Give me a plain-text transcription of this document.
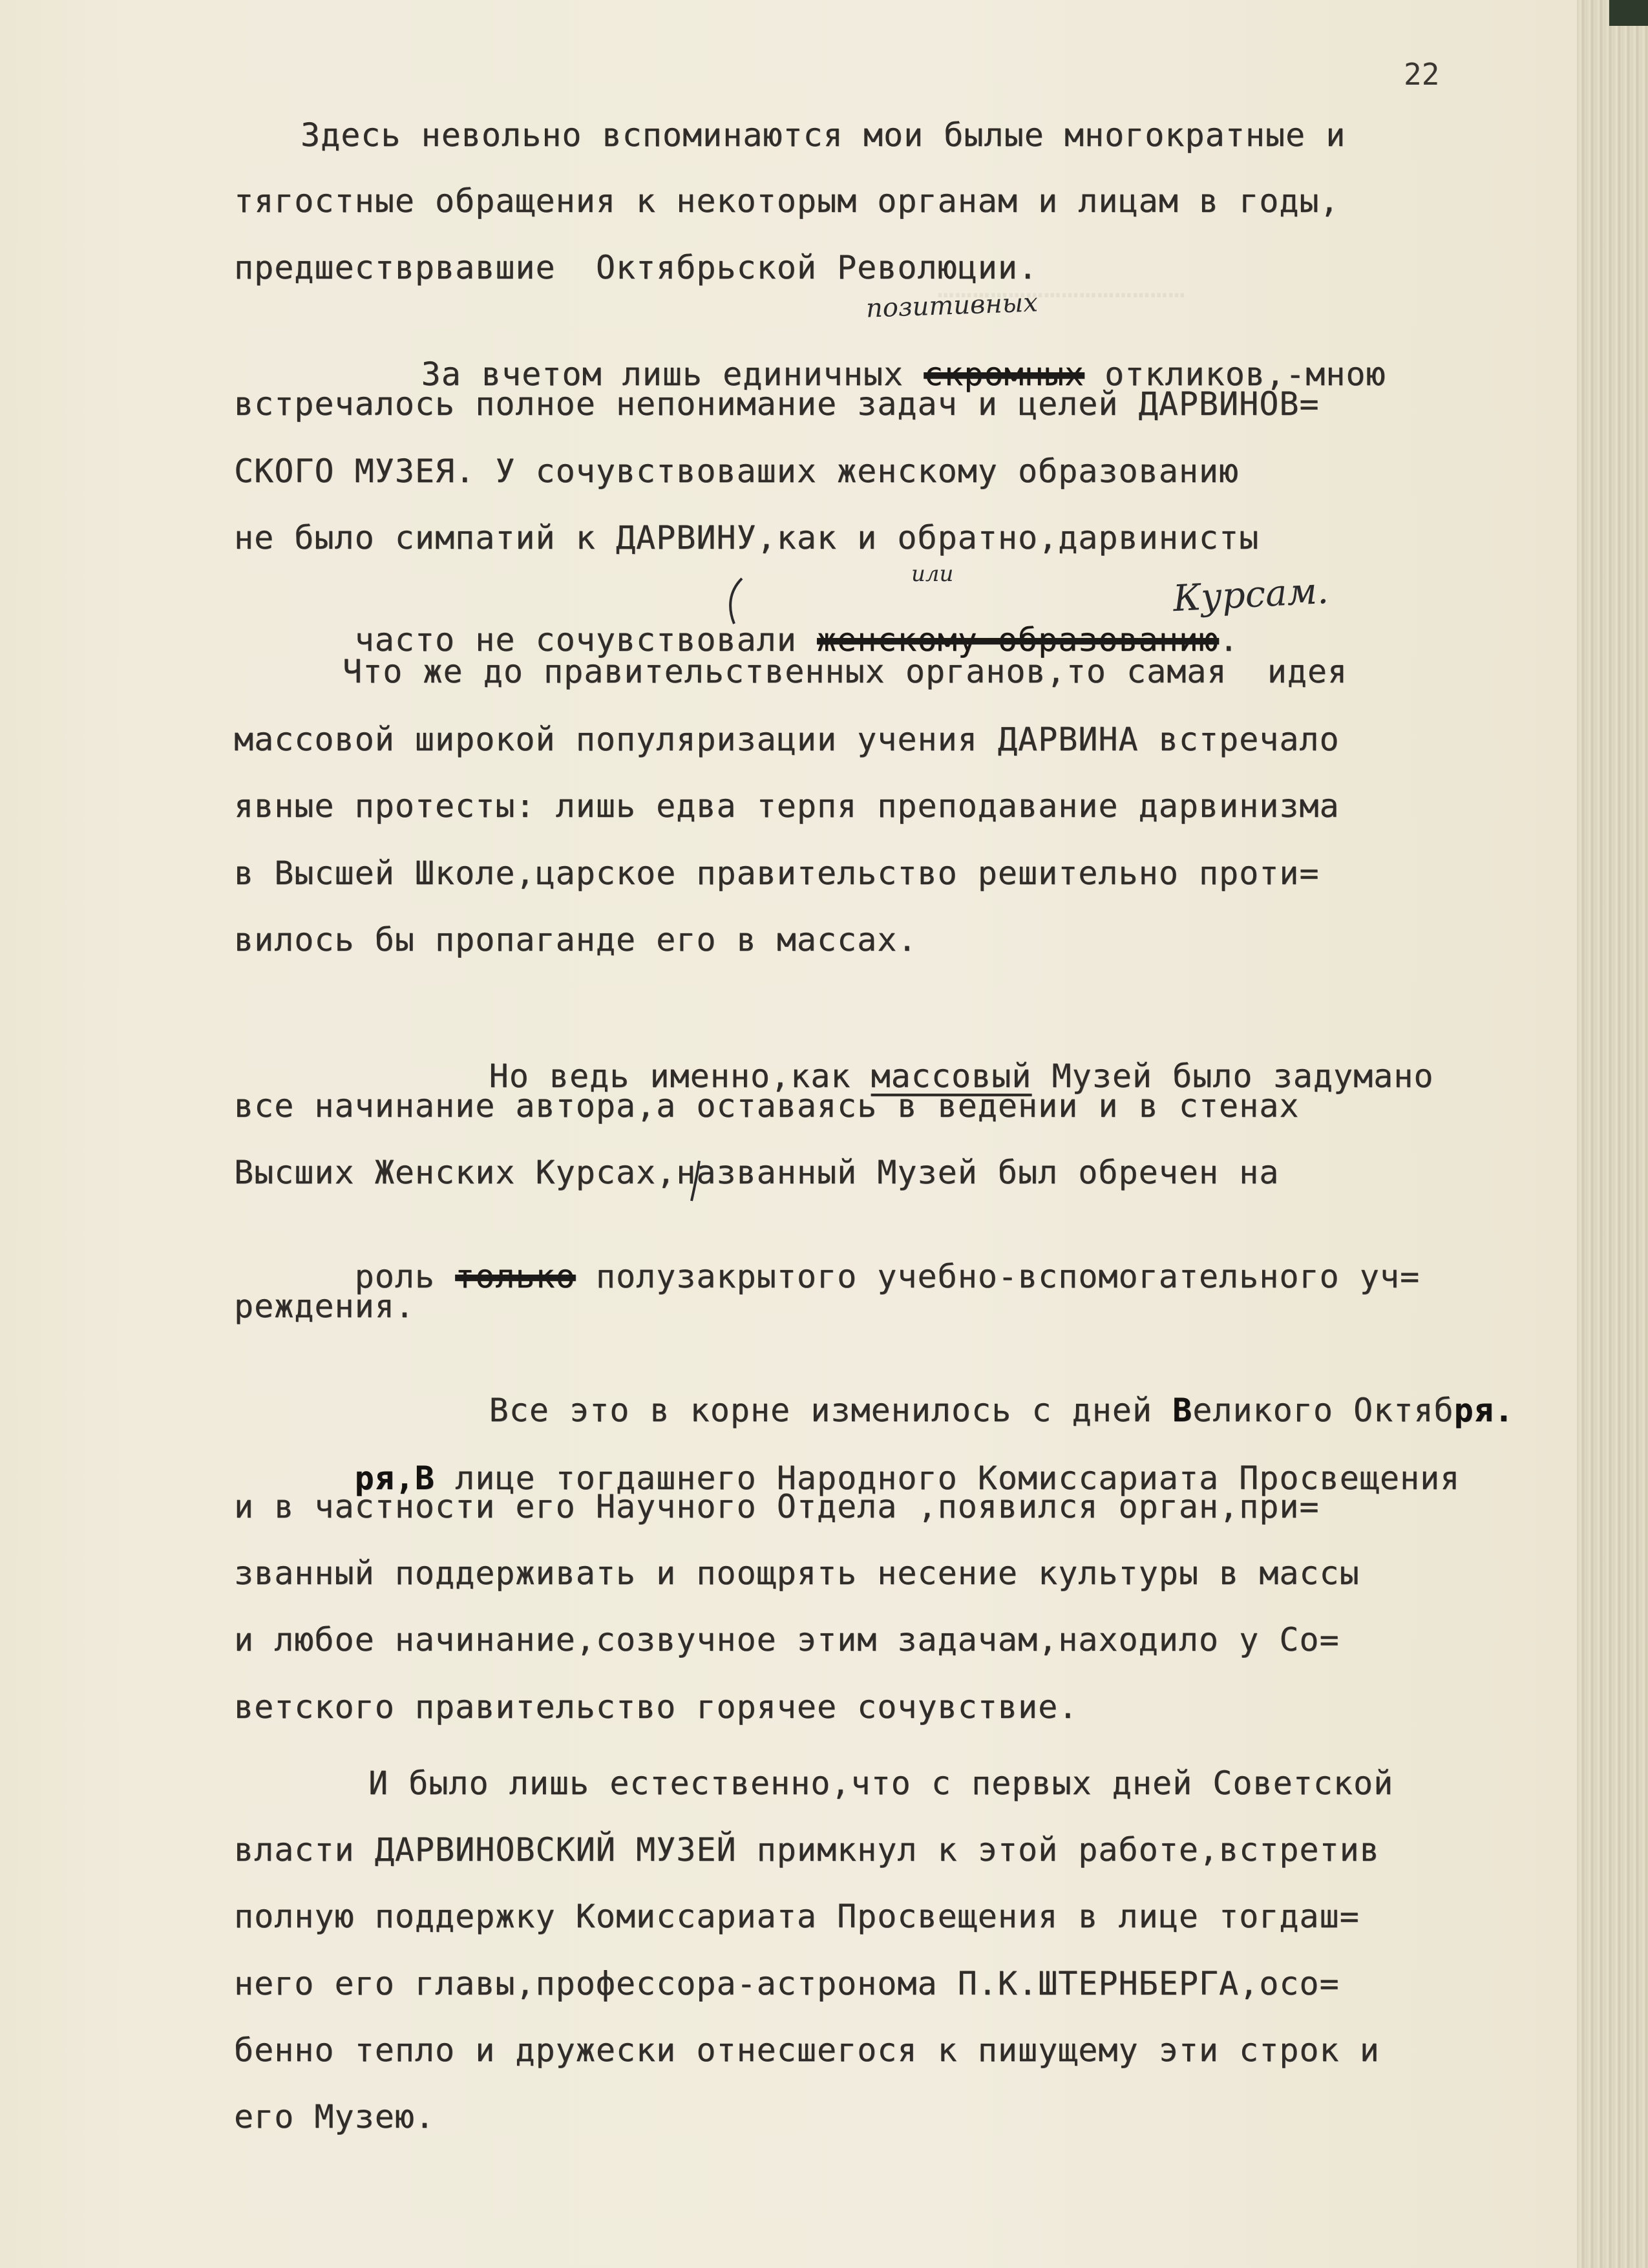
……………………………………
22
Здесь невольно вспоминаются мои былые многократные и
тягостные обращения к некоторым органам и лицам в годы,
предшестврвавшие  Октябрьской Революции.

За вчетом лишь единичных скромных откликов,-мною

встречалось полное непонимание задач и целей ДАРВИНОВ=
СКОГО МУЗЕЯ. У сочувствоваших женскому образованию
не было симпатий к ДАРВИНУ,как и обратно,дарвинисты

часто не сочувствовали женскому образованию.

Что же до правительственных органов,то самая  идея
массовой широкой популяризации учения ДАРВИНА встречало
явные протесты: лишь едва терпя преподавание дарвинизма
в Высшей Школе,царское правительство решительно проти=
вилось бы пропаганде его в массах.

Но ведь именно,как массовый Музей было задумано

все начинание автора,а оставаясь в ведении и в стенах
Высших Женских Курсах,названный Музей был обречен на

роль только полузакрытого учебно-вспомогательного уч=

реждения.

Все это в корне изменилось с дней Великого Октября.

ря,В лице тогдашнего Народного Комиссариата Просвещения

и в частности его Научного Отдела ,появился орган,при=
званный поддерживать и поощрять несение культуры в массы
и любое начинание,созвучное этим задачам,находило у Со=
ветского правительство горячее сочувствие.
И было лишь естественно,что с первых дней Советской
власти ДАРВИНОВСКИЙ МУЗЕЙ примкнул к этой работе,встретив
полную поддержку Комиссариата Просвещения в лице тогдаш=
него его главы,профессора-астронома П.К.ШТЕРНБЕРГА,осо=
бенно тепло и дружески отнесшегося к пишущему эти строк и
его Музею.
позитивных
или	Курсам.
